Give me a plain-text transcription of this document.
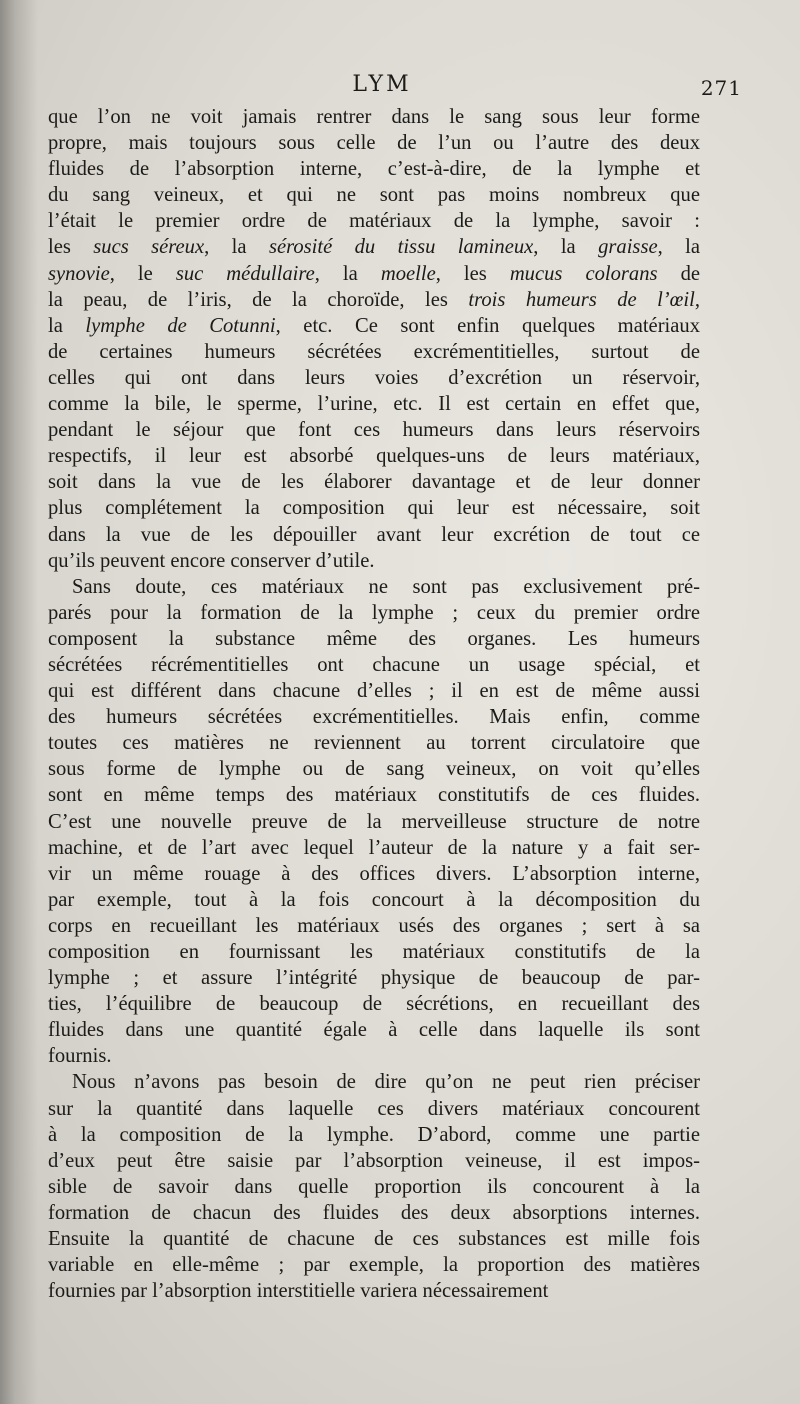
LYM	271

que l’on ne voit jamais rentrer dans le sang sous leur forme
propre, mais toujours sous celle de l’un ou l’autre des deux
fluides de l’absorption interne, c’est-à-dire, de la lymphe et
du sang veineux, et qui ne sont pas moins nombreux que
l’était le premier ordre de matériaux de la lymphe, savoir :
les sucs séreux, la sérosité du tissu lamineux, la graisse, la
synovie, le suc médullaire, la moelle, les mucus colorans de
la peau, de l’iris, de la choroïde, les trois humeurs de l’œil,
la lymphe de Cotunni, etc. Ce sont enfin quelques matériaux
de certaines humeurs sécrétées excrémentitielles, surtout de
celles qui ont dans leurs voies d’excrétion un réservoir,
comme la bile, le sperme, l’urine, etc. Il est certain en effet que,
pendant le séjour que font ces humeurs dans leurs réservoirs
respectifs, il leur est absorbé quelques-uns de leurs matériaux,
soit dans la vue de les élaborer davantage et de leur donner
plus complétement la composition qui leur est nécessaire, soit
dans la vue de les dépouiller avant leur excrétion de tout ce
qu’ils peuvent encore conserver d’utile.

Sans doute, ces matériaux ne sont pas exclusivement pré-
parés pour la formation de la lymphe ; ceux du premier ordre
composent la substance même des organes. Les humeurs
sécrétées récrémentitielles ont chacune un usage spécial, et
qui est différent dans chacune d’elles ; il en est de même aussi
des humeurs sécrétées excrémentitielles. Mais enfin, comme
toutes ces matières ne reviennent au torrent circulatoire que
sous forme de lymphe ou de sang veineux, on voit qu’elles
sont en même temps des matériaux constitutifs de ces fluides.
C’est une nouvelle preuve de la merveilleuse structure de notre
machine, et de l’art avec lequel l’auteur de la nature y a fait ser-
vir un même rouage à des offices divers. L’absorption interne,
par exemple, tout à la fois concourt à la décomposition du
corps en recueillant les matériaux usés des organes ; sert à sa
composition en fournissant les matériaux constitutifs de la
lymphe ; et assure l’intégrité physique de beaucoup de par-
ties, l’équilibre de beaucoup de sécrétions, en recueillant des
fluides dans une quantité égale à celle dans laquelle ils sont
fournis.

Nous n’avons pas besoin de dire qu’on ne peut rien préciser
sur la quantité dans laquelle ces divers matériaux concourent
à la composition de la lymphe. D’abord, comme une partie
d’eux peut être saisie par l’absorption veineuse, il est impos-
sible de savoir dans quelle proportion ils concourent à la
formation de chacun des fluides des deux absorptions internes.
Ensuite la quantité de chacune de ces substances est mille fois
variable en elle-même ; par exemple, la proportion des matières
fournies par l’absorption interstitielle variera nécessairement
